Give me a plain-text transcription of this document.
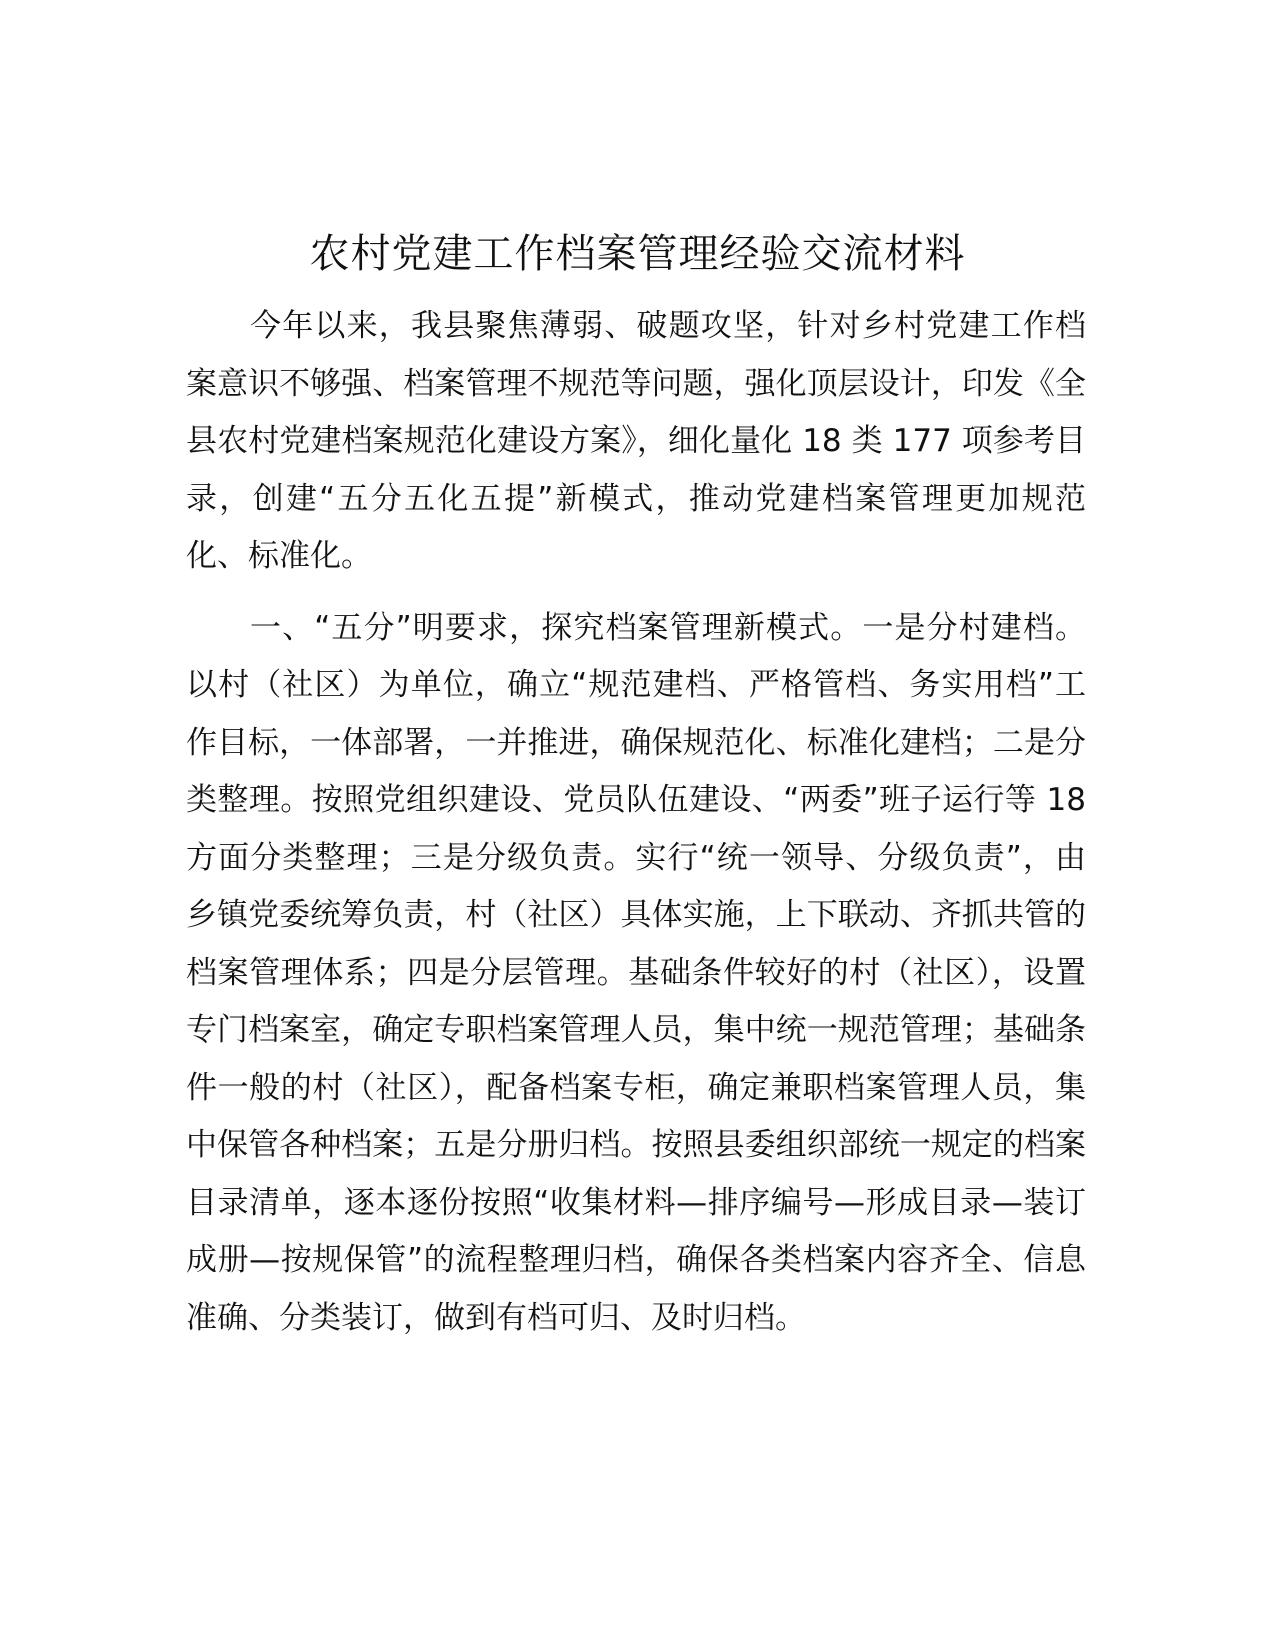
农村党建工作档案管理经验交流材料

今年以来，我县聚焦薄弱、破题攻坚，针对乡村党建工作档案意识不够强、档案管理不规范等问题，强化顶层设计，印发《全县农村党建档案规范化建设方案》，细化量化 18 类 177 项参考目录，创建“五分五化五提”新模式，推动党建档案管理更加规范化、标准化。

一、“五分”明要求，探究档案管理新模式。一是分村建档。以村（社区）为单位，确立“规范建档、严格管档、务实用档”工作目标，一体部署，一并推进，确保规范化、标准化建档；二是分类整理。按照党组织建设、党员队伍建设、“两委”班子运行等 18 方面分类整理；三是分级负责。实行“统一领导、分级负责”，由乡镇党委统筹负责，村（社区）具体实施，上下联动、齐抓共管的档案管理体系；四是分层管理。基础条件较好的村（社区），设置专门档案室，确定专职档案管理人员，集中统一规范管理；基础条件一般的村（社区），配备档案专柜，确定兼职档案管理人员，集中保管各种档案；五是分册归档。按照县委组织部统一规定的档案目录清单，逐本逐份按照“收集材料—排序编号—形成目录—装订成册—按规保管”的流程整理归档，确保各类档案内容齐全、信息准确、分类装订，做到有档可归、及时归档。
